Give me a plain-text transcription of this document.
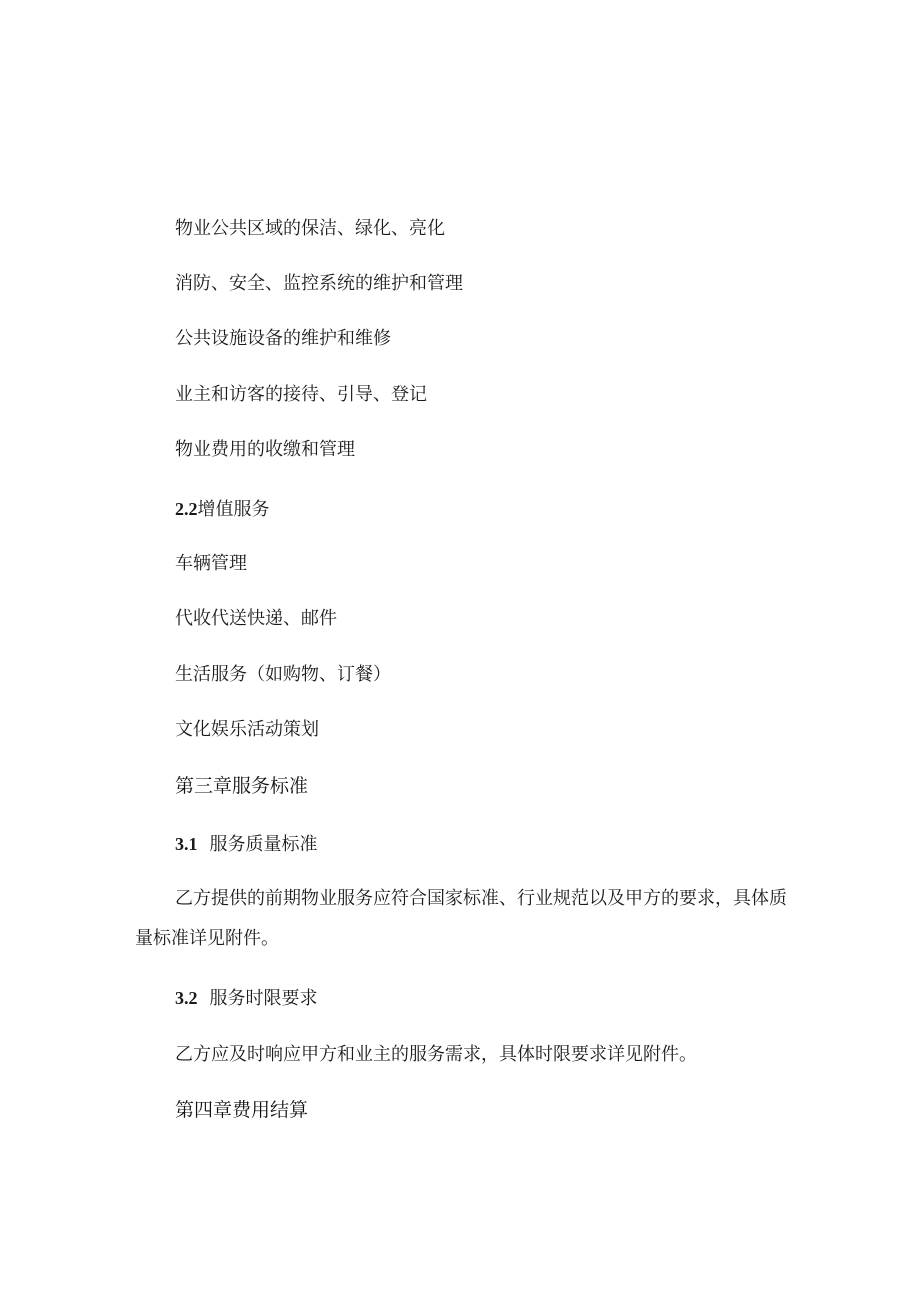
物业公共区域的保洁、绿化、亮化
消防、安全、监控系统的维护和管理
公共设施设备的维护和维修
业主和访客的接待、引导、登记
物业费用的收缴和管理
2.2增值服务
车辆管理
代收代送快递、邮件
生活服务（如购物、订餐）
文化娱乐活动策划
第三章服务标准
3.1 服务质量标准
乙方提供的前期物业服务应符合国家标准、行业规范以及甲方的要求，具体质量标准详见附件。
3.2 服务时限要求
乙方应及时响应甲方和业主的服务需求，具体时限要求详见附件。
第四章费用结算
